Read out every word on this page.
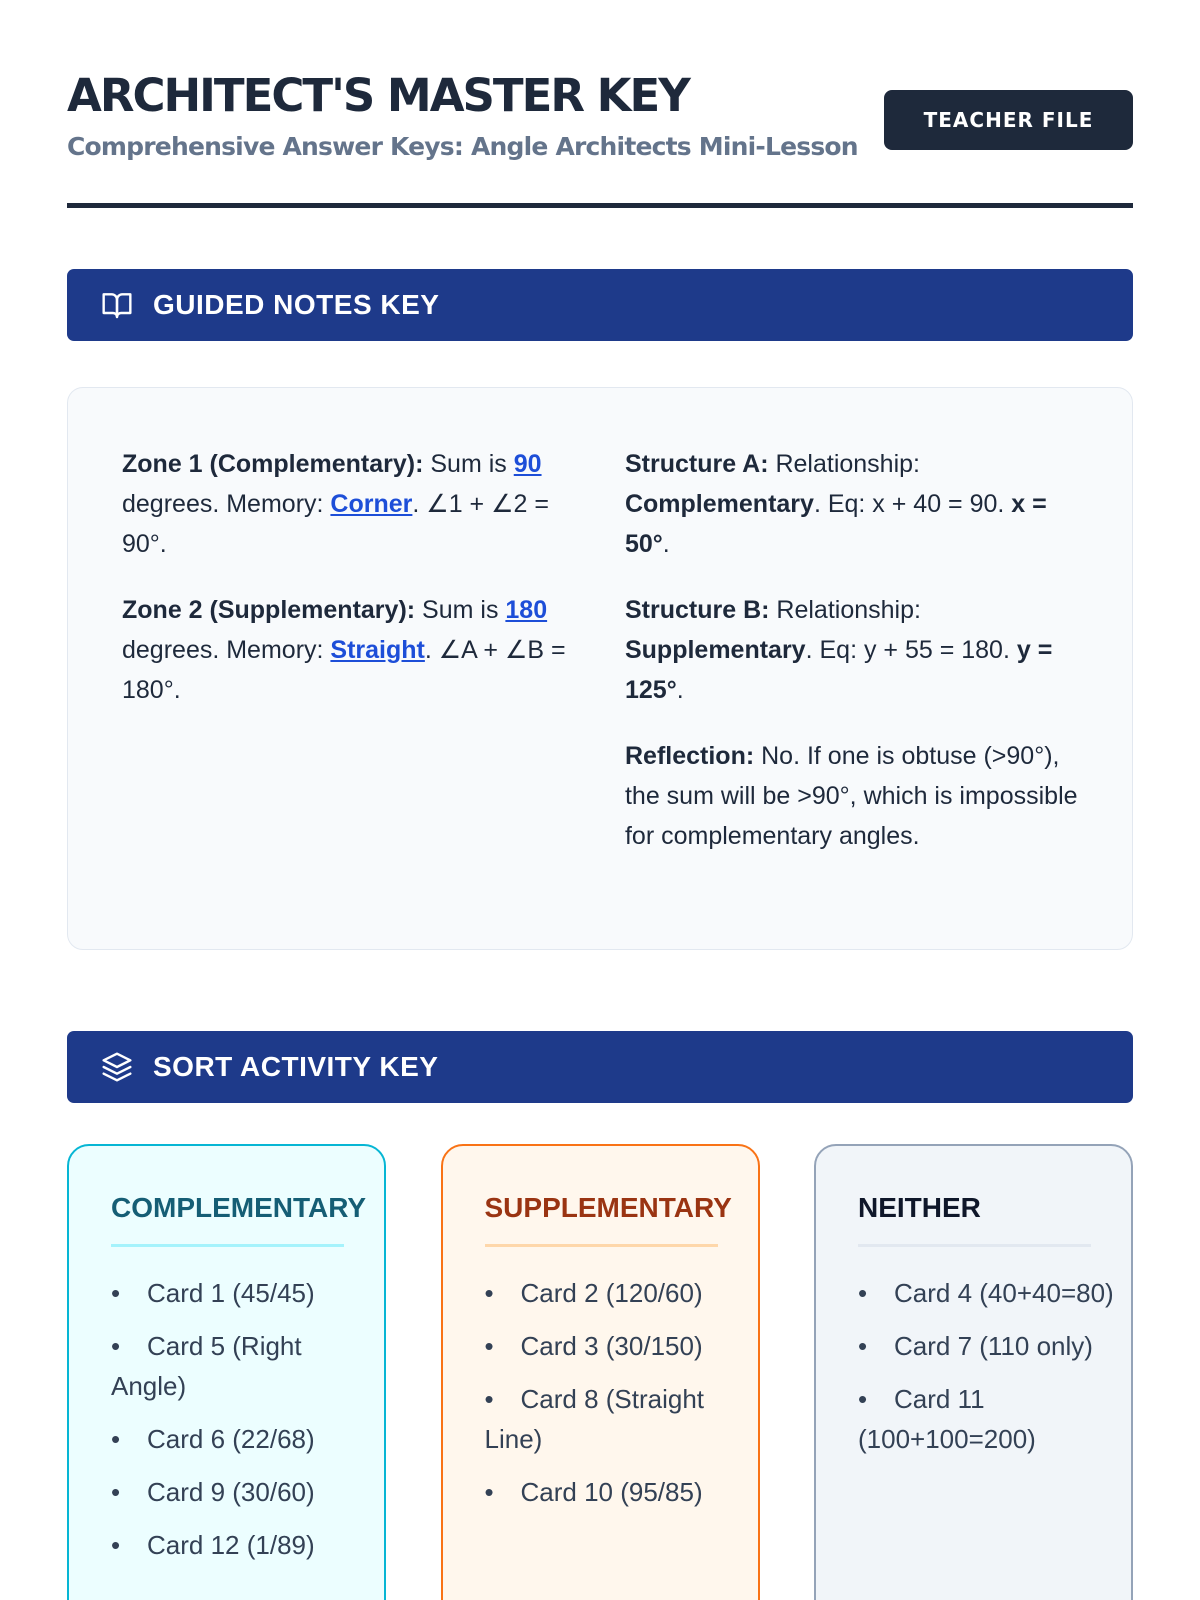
ARCHITECT'S MASTER KEY
Comprehensive Answer Keys: Angle Architects Mini-Lesson
TEACHER FILE
GUIDED NOTES KEY

Zone 1 (Complementary): Sum is 90 degrees. Memory: Corner. ∠1 + ∠2 = 90°.

Zone 2 (Supplementary): Sum is 180 degrees. Memory: Straight. ∠A + ∠B = 180°.

Structure A: Relationship: Complementary. Eq: x + 40 = 90. x = 50°.

Structure B: Relationship: Supplementary. Eq: y + 55 = 180. y = 125°.

Reflection: No. If one is obtuse (>90°), the sum will be >90°, which is impossible for complementary angles.

SORT ACTIVITY KEY
COMPLEMENTARY
• Card 1 (45/45)
• Card 5 (Right Angle)
• Card 6 (22/68)
• Card 9 (30/60)
• Card 12 (1/89)
SUPPLEMENTARY
• Card 2 (120/60)
• Card 3 (30/150)
• Card 8 (Straight Line)
• Card 10 (95/85)
NEITHER
• Card 4 (40+40=80)
• Card 7 (110 only)
• Card 11 (100+100=200)
